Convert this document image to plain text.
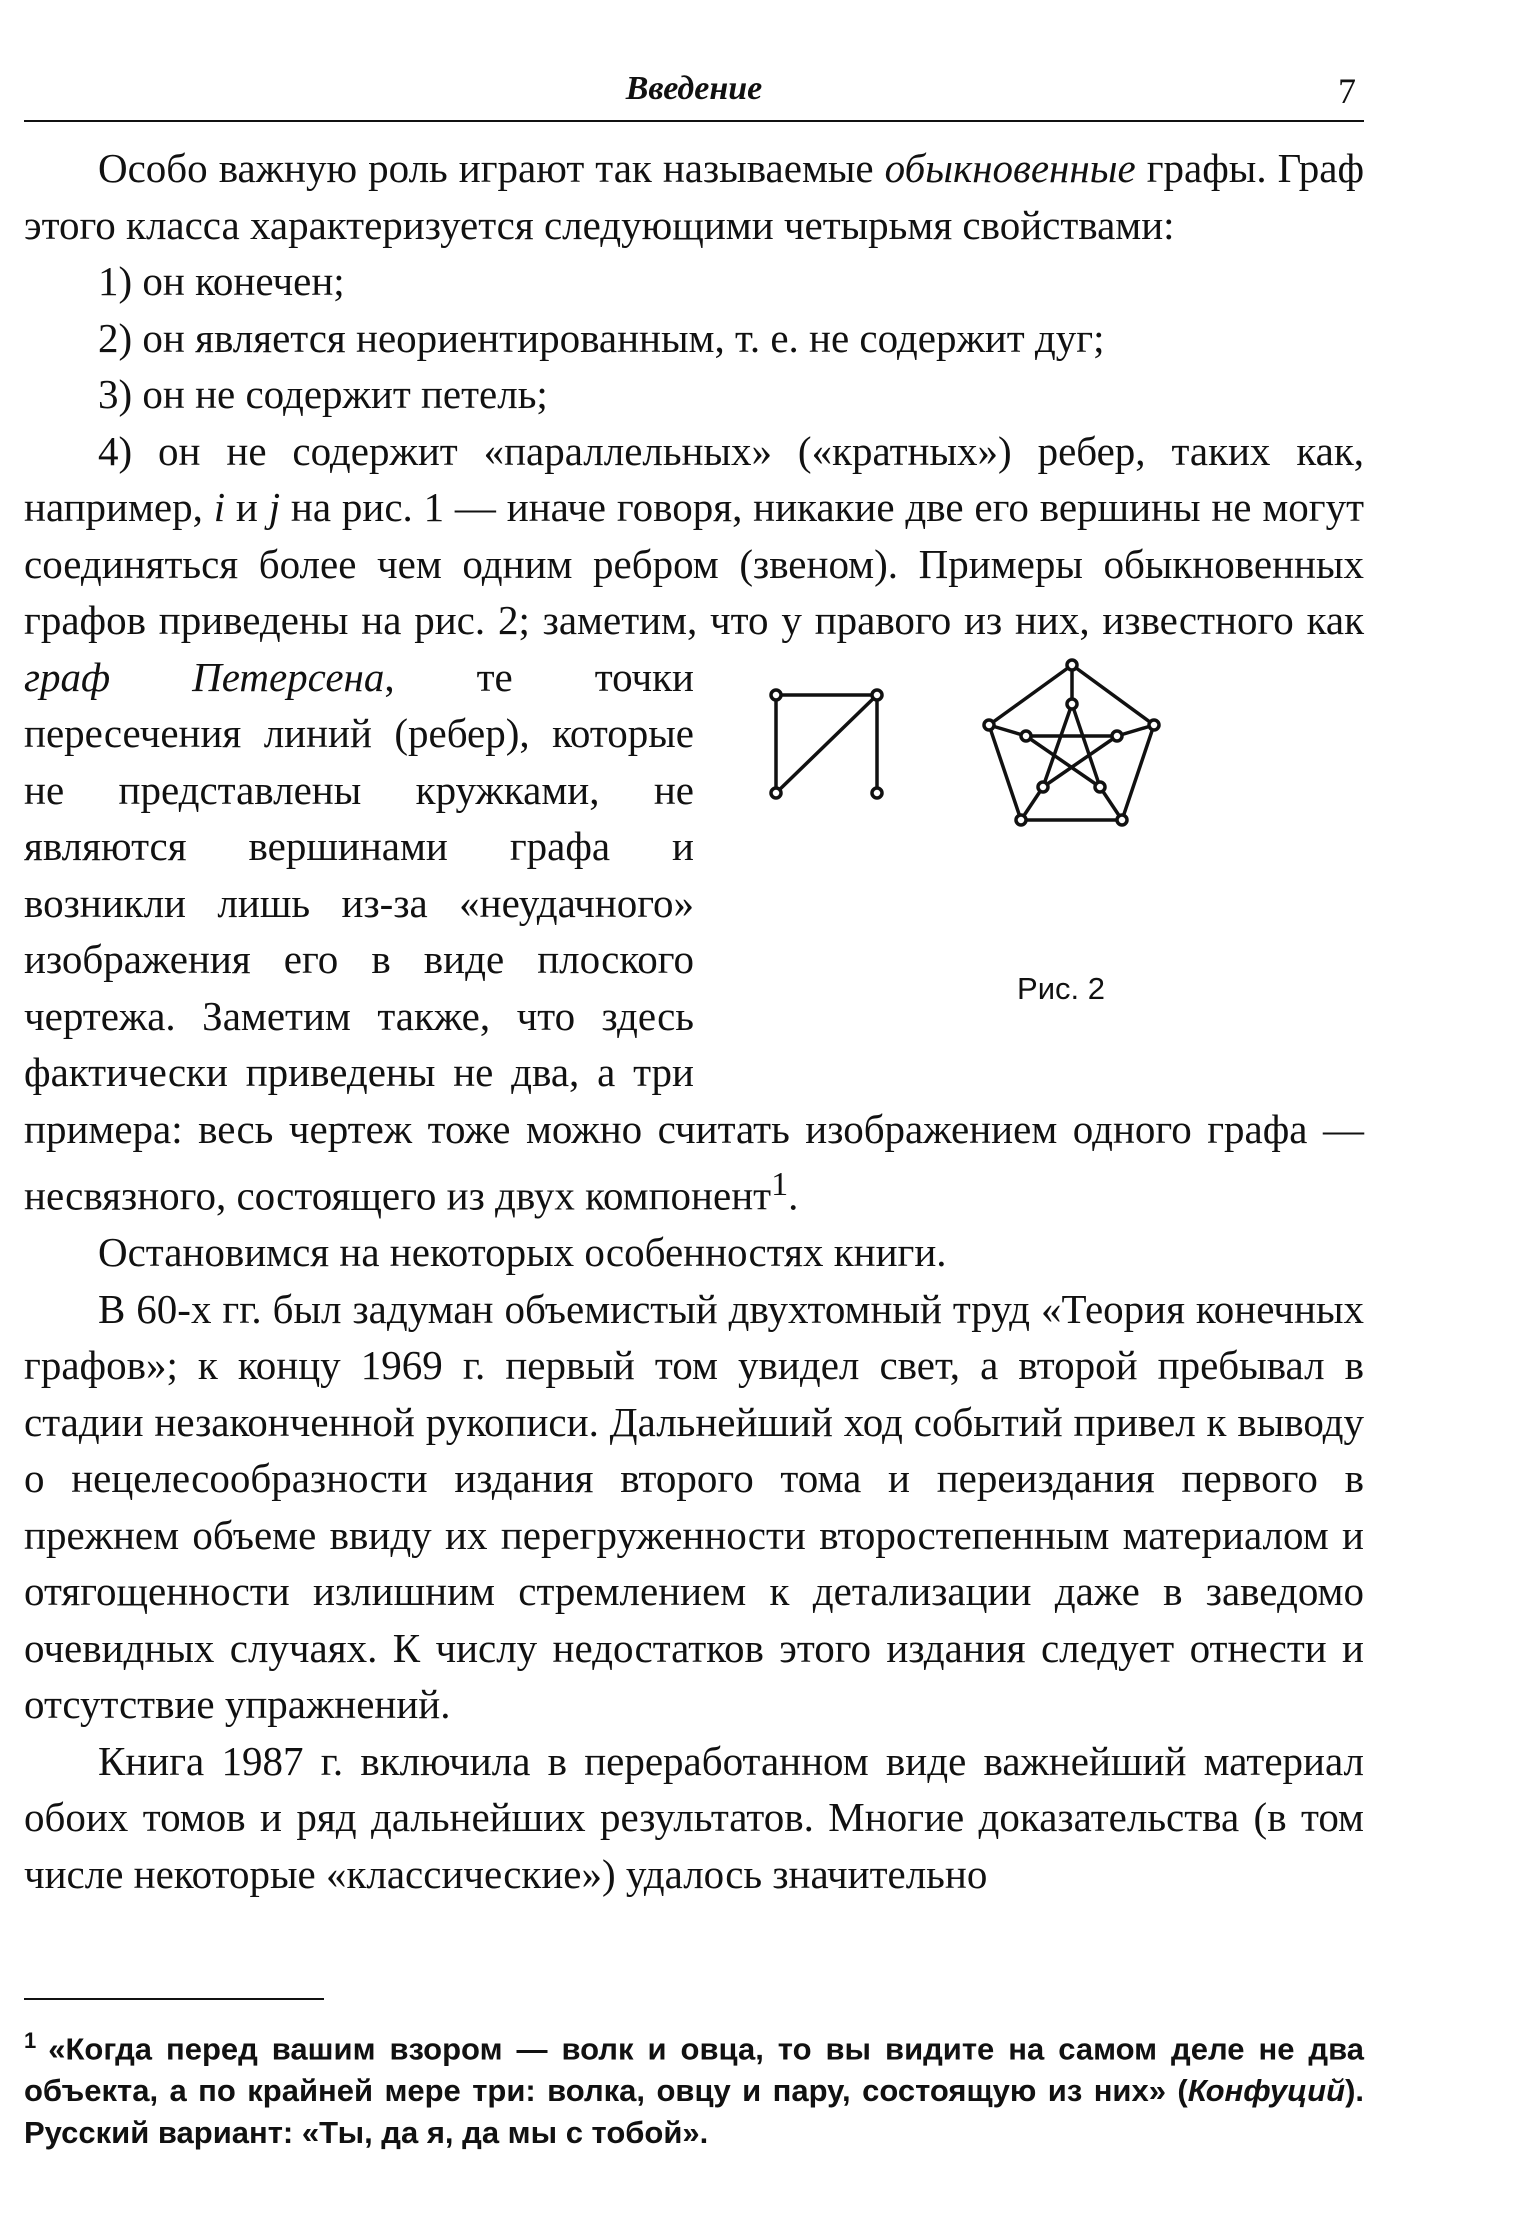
Введение	7

Особо важную роль играют так называемые обыкновенные графы. Граф этого класса характеризуется следующими четырьмя свойствами:

1) он конечен;
2) он является неориентированным, т. е. не содержит дуг;
3) он не содержит петель;

4) он не содержит «параллельных» («кратных») ребер, таких как, например, i и j на рис. 1 — иначе говоря, никакие две его вершины не могут соединяться более чем одним ребром (звеном). Примеры обыкновенных графов приведены на рис. 2; заметим, что у правого из них, известного как
Рис. 2
граф Петерсена, те точки пересечения линий (ребер), которые не представлены кружками, не являются вершинами графа и возникли лишь из-за «неудачного» изображения его в виде плоского чертежа. Заметим также, что здесь фактически приведены не два, а три примера: весь чертеж тоже можно считать изображением одного графа — несвязного, состоящего из двух компонент$^1$.

Остановимся на некоторых особенностях книги.

В 60-х гг. был задуман объемистый двухтомный труд «Теория конечных графов»; к концу 1969 г. первый том увидел свет, а второй пребывал в стадии незаконченной рукописи. Дальнейший ход событий привел к выводу о нецелесообразности издания второго тома и переиздания первого в прежнем объеме ввиду их перегруженности второстепенным материалом и отягощенности излишним стремлением к детализации даже в заведомо очевидных случаях. К числу недостатков этого издания следует отнести и отсутствие упражнений.

Книга 1987 г. включила в переработанном виде важнейший материал обоих томов и ряд дальнейших результатов. Многие доказательства (в том числе некоторые «классические») удалось значительно

$^1$ «Когда перед вашим взором — волк и овца, то вы видите на самом деле не два объекта, а по крайней мере три: волка, овцу и пару, состоящую из них» (Конфуций). Русский вариант: «Ты, да я, да мы с тобой».
